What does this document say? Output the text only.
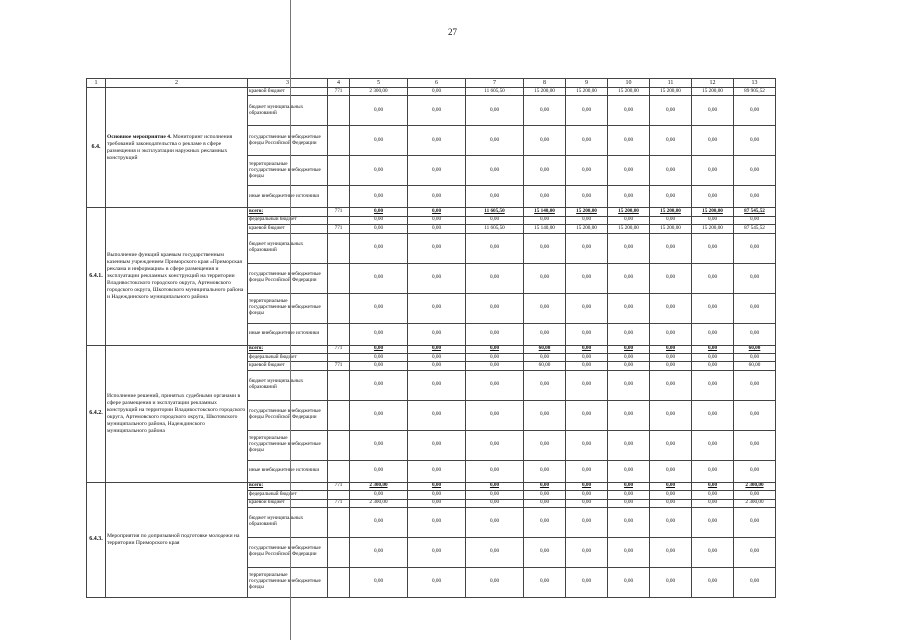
27
1	2	3	4	5	6	7	8	9	10	11	12	13
6.4.	Основное мероприятие 4. Мониторинг исполнения требований законодательства о рекламе в сфере размещения и эксплуатации наружных рекламных конструкций	краевой бюджет	771	2 300,00	0,00	11 605,50	15 200,00	15 200,00	15 200,00	15 200,00	15 200,00	89 905,52
		бюджет муниципальных образований		0,00	0,00	0,00	0,00	0,00	0,00	0,00	0,00	0,00
		государственные внебюджетные фонды Российской Федерации		0,00	0,00	0,00	0,00	0,00	0,00	0,00	0,00	0,00
		территориальные государственные внебюджетные фонды		0,00	0,00	0,00	0,00	0,00	0,00	0,00	0,00	0,00
		иные внебюджетные источники		0,00	0,00	0,00	0,00	0,00	0,00	0,00	0,00	0,00
6.4.1.	Выполнение функций краевым государственным казенным учреждением Приморского края «Приморская реклама и информация» в сфере размещения и эксплуатации рекламных конструкций на территории Владивостокского городского округа, Артемовского городского округа, Шкотовского муниципального района и Надеждинского муниципального района	всего:	771	0,00	0,00	11 605,50	15 140,00	15 200,00	15 200,00	15 200,00	15 200,00	87 545,52
		федеральный бюджет		0,00	0,00	0,00	0,00	0,00	0,00	0,00	0,00	0,00
		краевой бюджет	771	0,00	0,00	11 605,50	15 140,00	15 200,00	15 200,00	15 200,00	15 200,00	87 545,52
		бюджет муниципальных образований		0,00	0,00	0,00	0,00	0,00	0,00	0,00	0,00	0,00
		государственные внебюджетные фонды Российской Федерации		0,00	0,00	0,00	0,00	0,00	0,00	0,00	0,00	0,00
		территориальные государственные внебюджетные фонды		0,00	0,00	0,00	0,00	0,00	0,00	0,00	0,00	0,00
		иные внебюджетные источники		0,00	0,00	0,00	0,00	0,00	0,00	0,00	0,00	0,00
6.4.2.	Исполнение решений, принятых судебными органами в сфере размещения и эксплуатации рекламных конструкций на территории Владивостокского городского округа, Артемовского городского округа, Шкотовского муниципального района, Надеждинского муниципального района	всего:	771	0,00	0,00	0,00	60,00	0,00	0,00	0,00	0,00	60,00
		федеральный бюджет		0,00	0,00	0,00	0,00	0,00	0,00	0,00	0,00	0,00
		краевой бюджет	771	0,00	0,00	0,00	60,00	0,00	0,00	0,00	0,00	60,00
		бюджет муниципальных образований		0,00	0,00	0,00	0,00	0,00	0,00	0,00	0,00	0,00
		государственные внебюджетные фонды Российской Федерации		0,00	0,00	0,00	0,00	0,00	0,00	0,00	0,00	0,00
		территориальные государственные внебюджетные фонды		0,00	0,00	0,00	0,00	0,00	0,00	0,00	0,00	0,00
		иные внебюджетные источники		0,00	0,00	0,00	0,00	0,00	0,00	0,00	0,00	0,00
6.4.3.	Мероприятия по допризывной подготовке молодежи на территории Приморского края	всего:	771	2 300,00	0,00	0,00	0,00	0,00	0,00	0,00	0,00	2 300,00
		федеральный бюджет		0,00	0,00	0,00	0,00	0,00	0,00	0,00	0,00	0,00
		краевой бюджет	771	2 300,00	0,00	0,00	0,00	0,00	0,00	0,00	0,00	2 300,00
		бюджет муниципальных образований		0,00	0,00	0,00	0,00	0,00	0,00	0,00	0,00	0,00
		государственные внебюджетные фонды Российской Федерации		0,00	0,00	0,00	0,00	0,00	0,00	0,00	0,00	0,00
		территориальные государственные внебюджетные фонды		0,00	0,00	0,00	0,00	0,00	0,00	0,00	0,00	0,00
